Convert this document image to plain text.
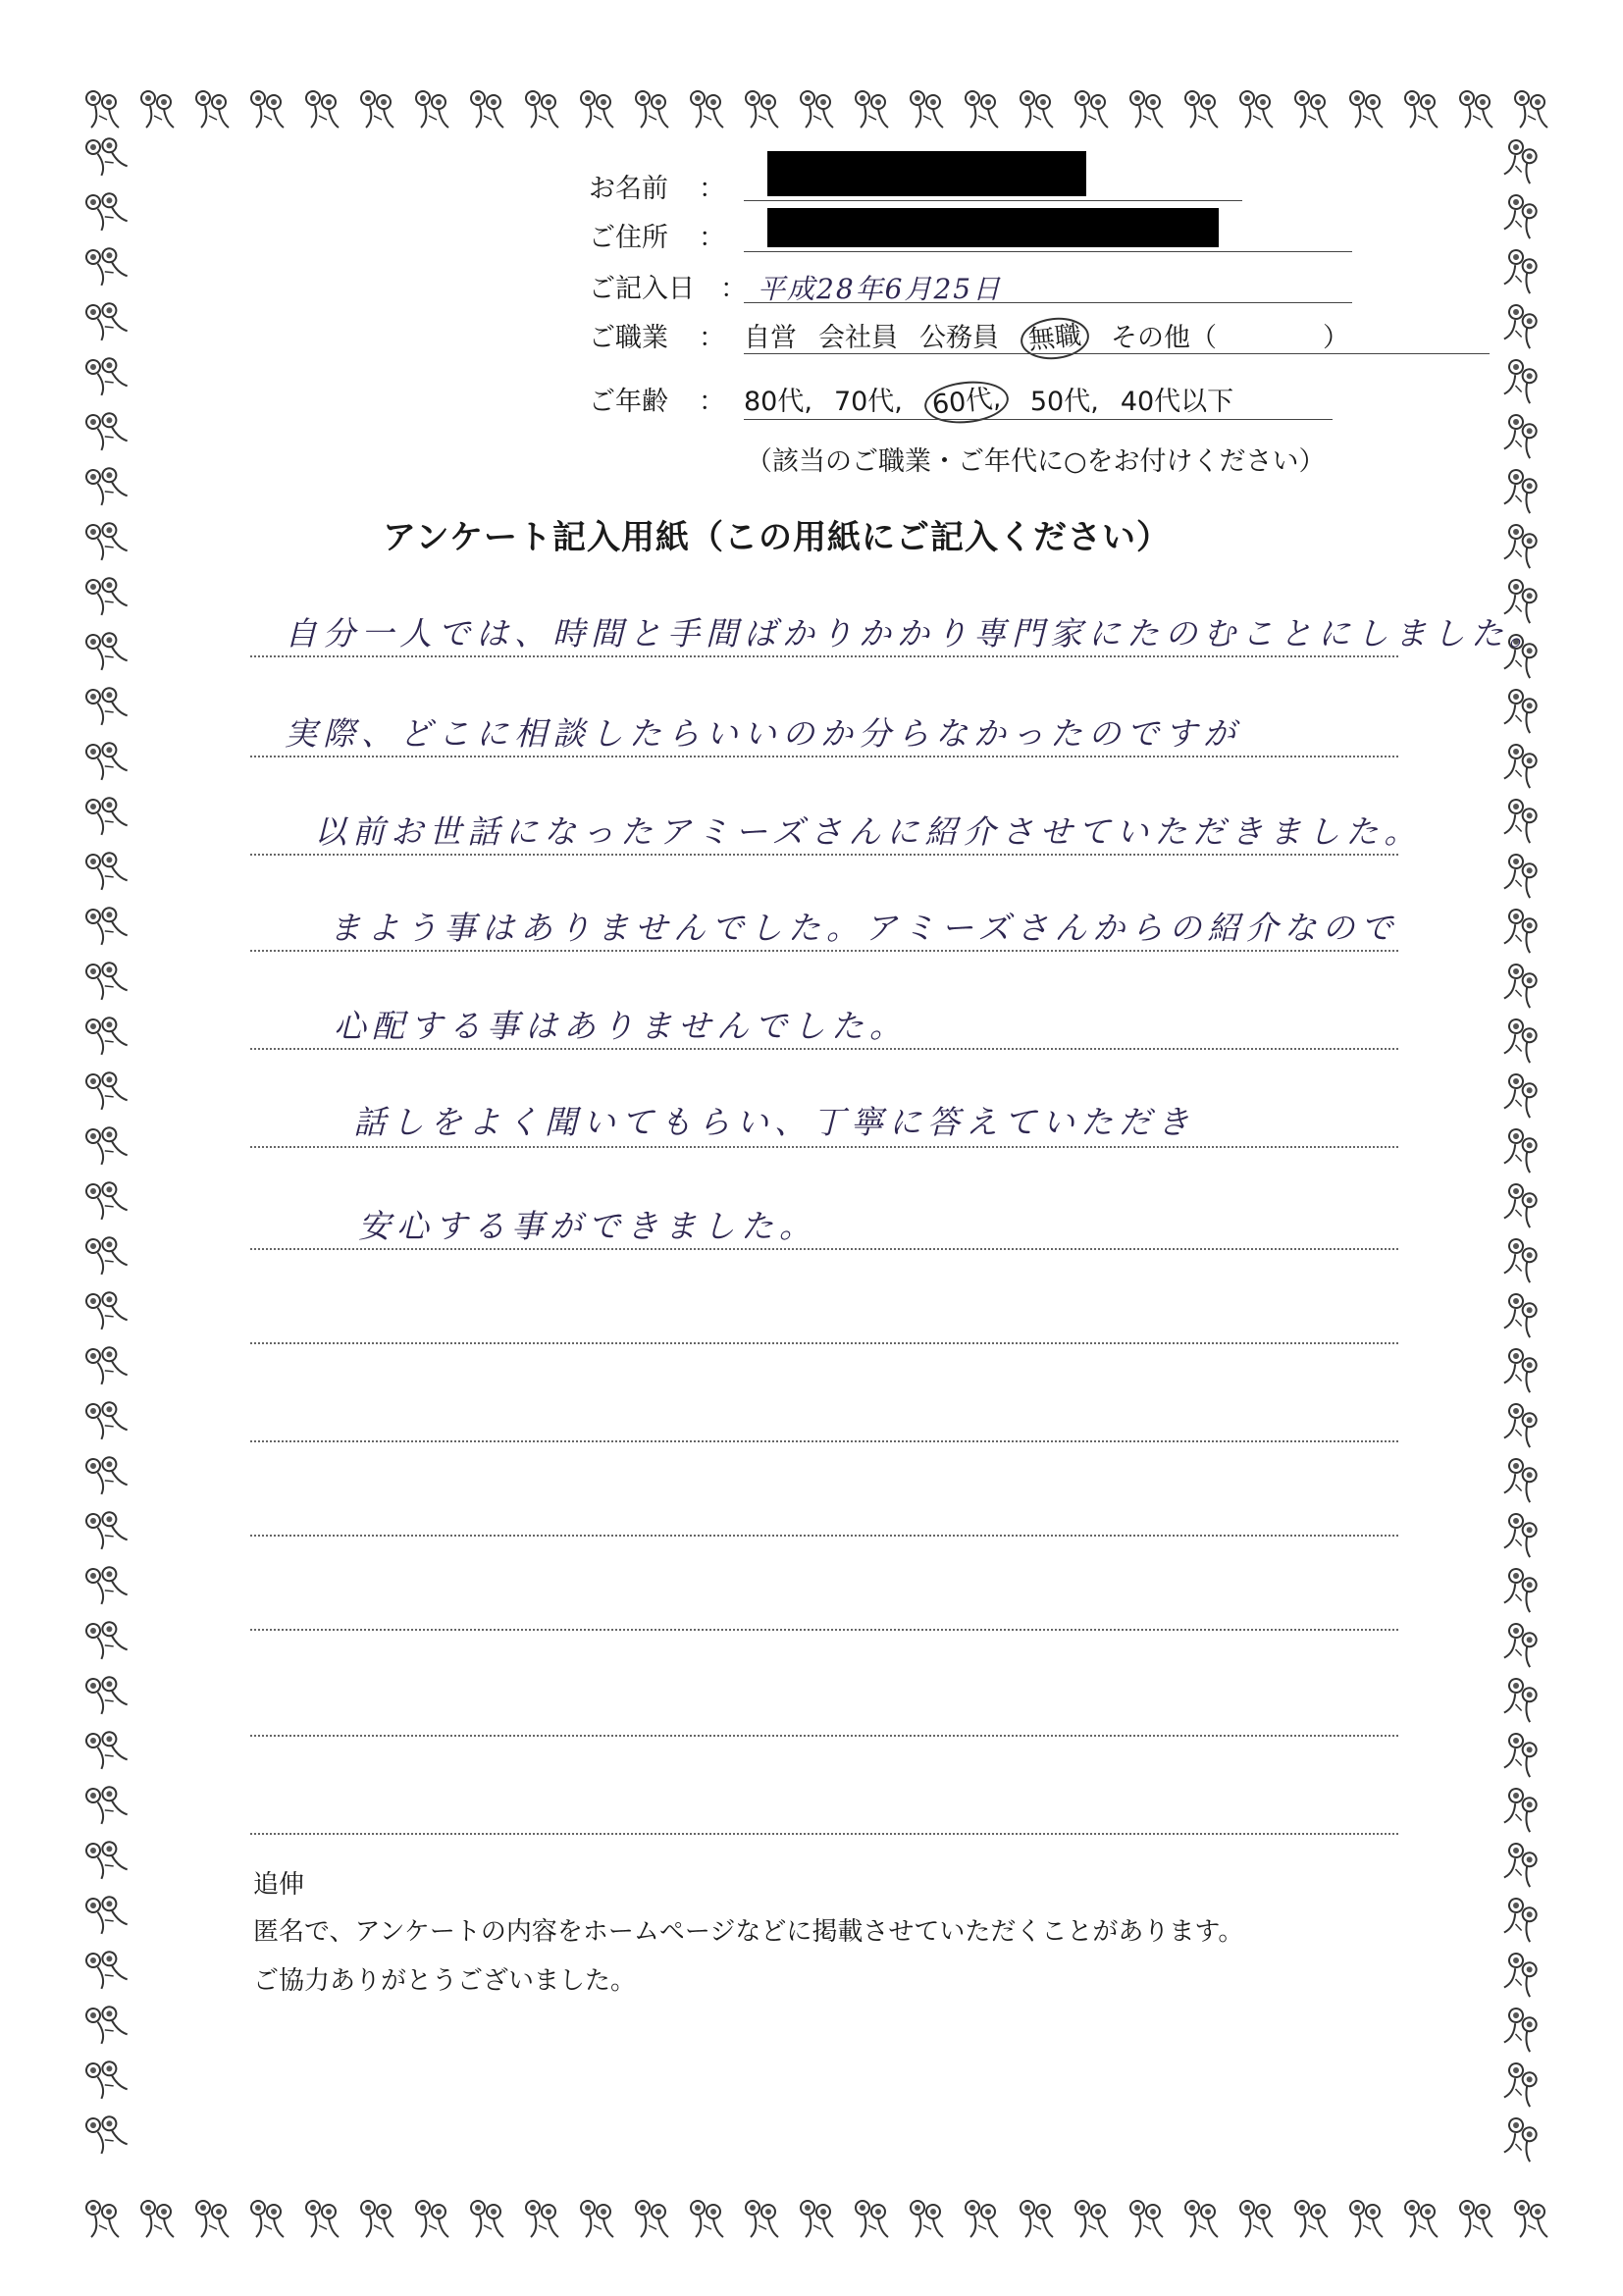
お名前 ：
ご住所 ：
ご記入日 ： 平成28年6月25日
ご職業 ： 自営 会社員 公務員 無職 その他（　　　　）
ご年齢 ： 80代, 70代, 60代, 50代, 40代以下
（該当のご職業・ご年代に○をお付けください）
アンケート記入用紙（この用紙にご記入ください）
自分一人では、時間と手間ばかりかかり専門家にたのむことにしました。
実際、どこに相談したらいいのか分らなかったのですが
以前お世話になったアミーズさんに紹介させていただきました。
まよう事はありませんでした。アミーズさんからの紹介なので
心配する事はありませんでした。
話しをよく聞いてもらい、丁寧に答えていただき
安心する事ができました。
追伸
匿名で、アンケートの内容をホームページなどに掲載させていただくことがあります。
ご協力ありがとうございました。
